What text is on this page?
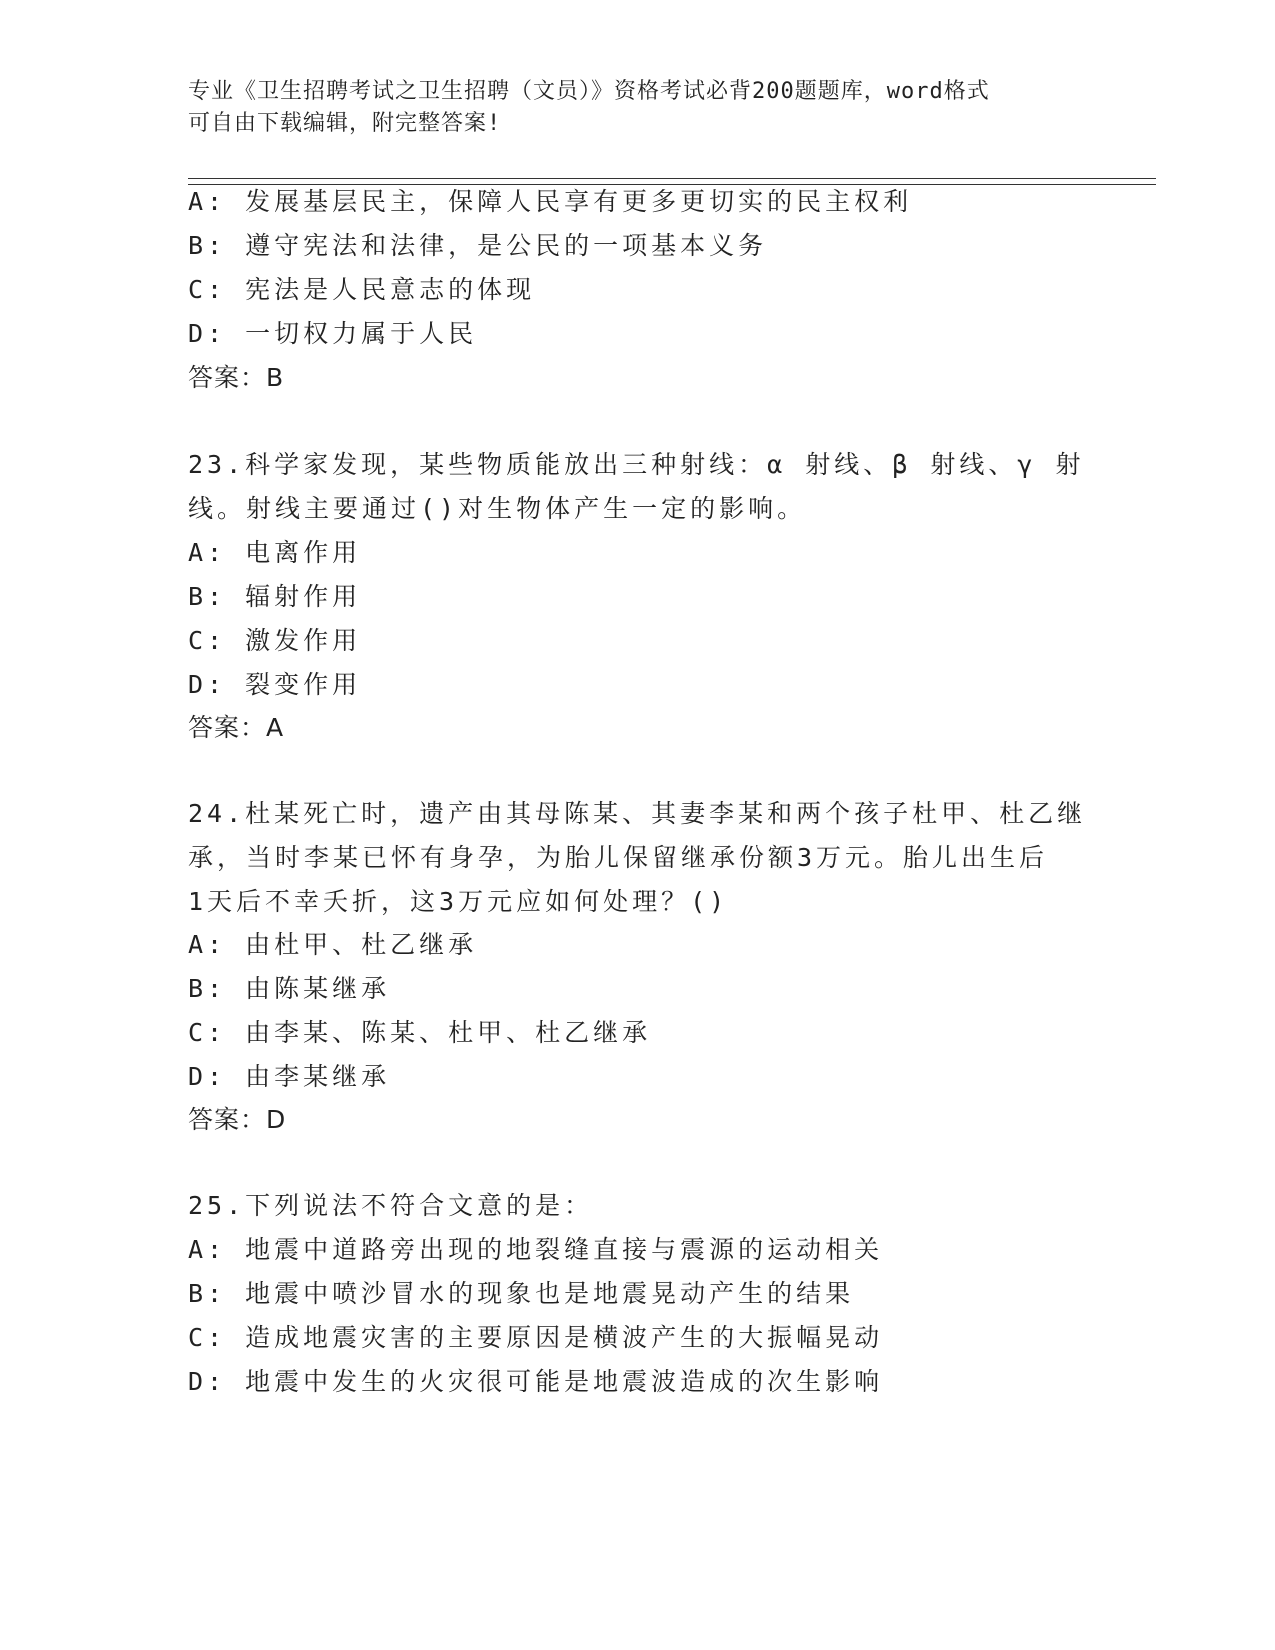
专业《卫生招聘考试之卫生招聘（文员）》资格考试必背200题题库，word格式
可自由下载编辑，附完整答案!
A: 发展基层民主，保障人民享有更多更切实的民主权利
B: 遵守宪法和法律，是公民的一项基本义务
C: 宪法是人民意志的体现
D: 一切权力属于人民
答案：B
23.科学家发现，某些物质能放出三种射线：α 射线、β 射线、γ 射
线。射线主要通过()对生物体产生一定的影响。
A: 电离作用
B: 辐射作用
C: 激发作用
D: 裂变作用
答案：A
24.杜某死亡时，遗产由其母陈某、其妻李某和两个孩子杜甲、杜乙继
承，当时李某已怀有身孕，为胎儿保留继承份额3万元。胎儿出生后
1天后不幸夭折，这3万元应如何处理？()
A: 由杜甲、杜乙继承
B: 由陈某继承
C: 由李某、陈某、杜甲、杜乙继承
D: 由李某继承
答案：D
25.下列说法不符合文意的是：
A: 地震中道路旁出现的地裂缝直接与震源的运动相关
B: 地震中喷沙冒水的现象也是地震晃动产生的结果
C: 造成地震灾害的主要原因是横波产生的大振幅晃动
D: 地震中发生的火灾很可能是地震波造成的次生影响
